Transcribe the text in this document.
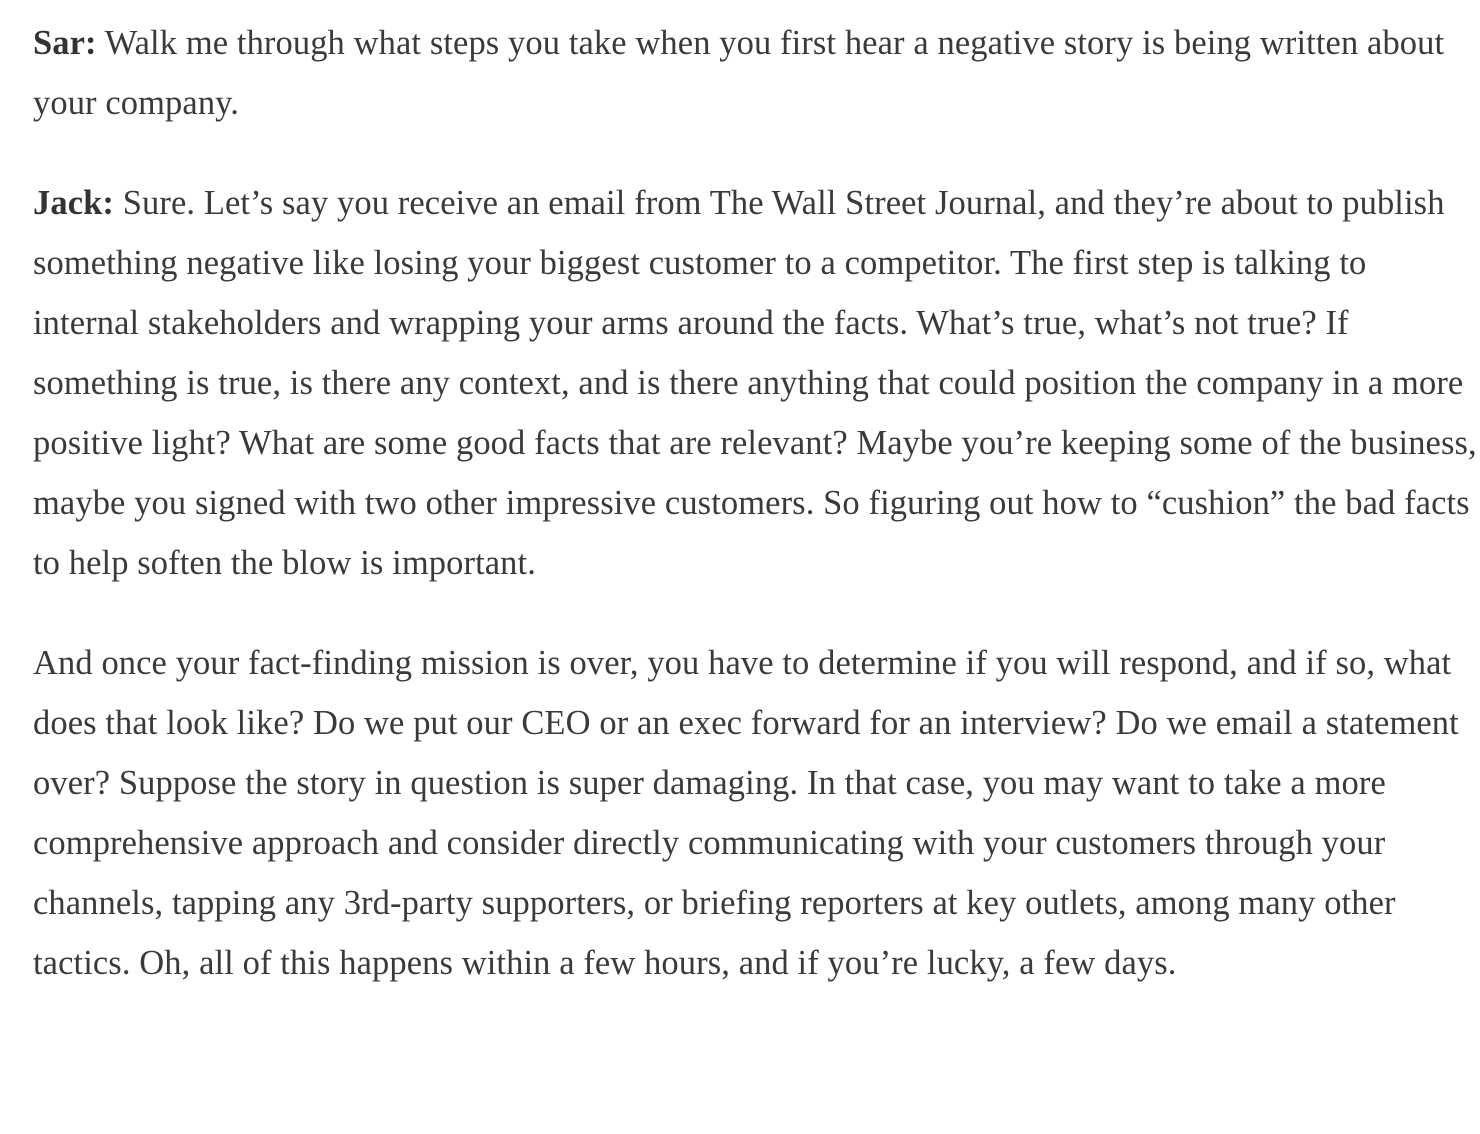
Sar: Walk me through what steps you take when you first hear a negative story is being written about your company.

Jack: Sure. Let’s say you receive an email from The Wall Street Journal, and they’re about to publish something negative like losing your biggest customer to a competitor. The first step is talking to internal stakeholders and wrapping your arms around the facts. What’s true, what’s not true? If something is true, is there any context, and is there anything that could position the company in a more positive light? What are some good facts that are relevant? Maybe you’re keeping some of the business, maybe you signed with two other impressive customers. So figuring out how to “cushion” the bad facts to help soften the blow is important.

And once your fact-finding mission is over, you have to determine if you will respond, and if so, what does that look like? Do we put our CEO or an exec forward for an interview? Do we email a statement over? Suppose the story in question is super damaging. In that case, you may want to take a more comprehensive approach and consider directly communicating with your customers through your channels, tapping any 3rd-party supporters, or briefing reporters at key outlets, among many other tactics. Oh, all of this happens within a few hours, and if you’re lucky, a few days.
